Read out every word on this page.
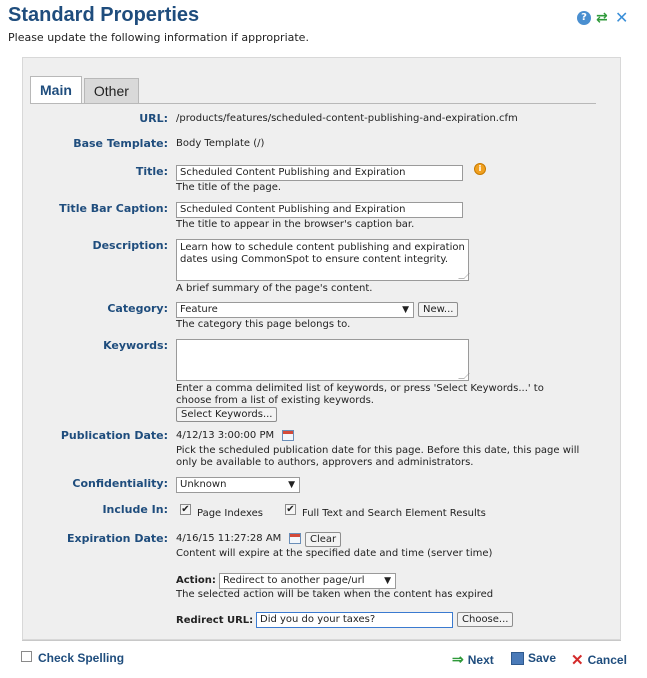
Standard Properties
Please update the following information if appropriate.
? ⇄ ✕
Main	Other
URL: /products/features/scheduled-content-publishing-and-expiration.cfm
Base Template: Body Template (/)
Title:	Scheduled Content Publishing and Expiration	i
The title of the page.
Title Bar Caption:	Scheduled Content Publishing and Expiration
The title to appear in the browser's caption bar.
Description:	Learn how to schedule content publishing and expiration dates using CommonSpot to ensure content integrity.
A brief summary of the page's content.
Category:	Feature	▼	New...
The category this page belongs to.
Keywords:
Enter a comma delimited list of keywords, or press 'Select Keywords...' to choose from a list of existing keywords.
Select Keywords...
Publication Date: 4/12/13 3:00:00 PM
Pick the scheduled publication date for this page. Before this date, this page will only be available to authors, approvers and administrators.
Confidentiality:	Unknown	▼
Include In: ✔ Page Indexes ✔ Full Text and Search Element Results
Expiration Date: 4/16/15 11:27:28 AM	Clear
Content will expire at the specified date and time (server time)
Action: Redirect to another page/url ▼
The selected action will be taken when the content has expired
Redirect URL: Did you do your taxes?	Choose...
Check Spelling	⇒ Next	Save ✕ Cancel
